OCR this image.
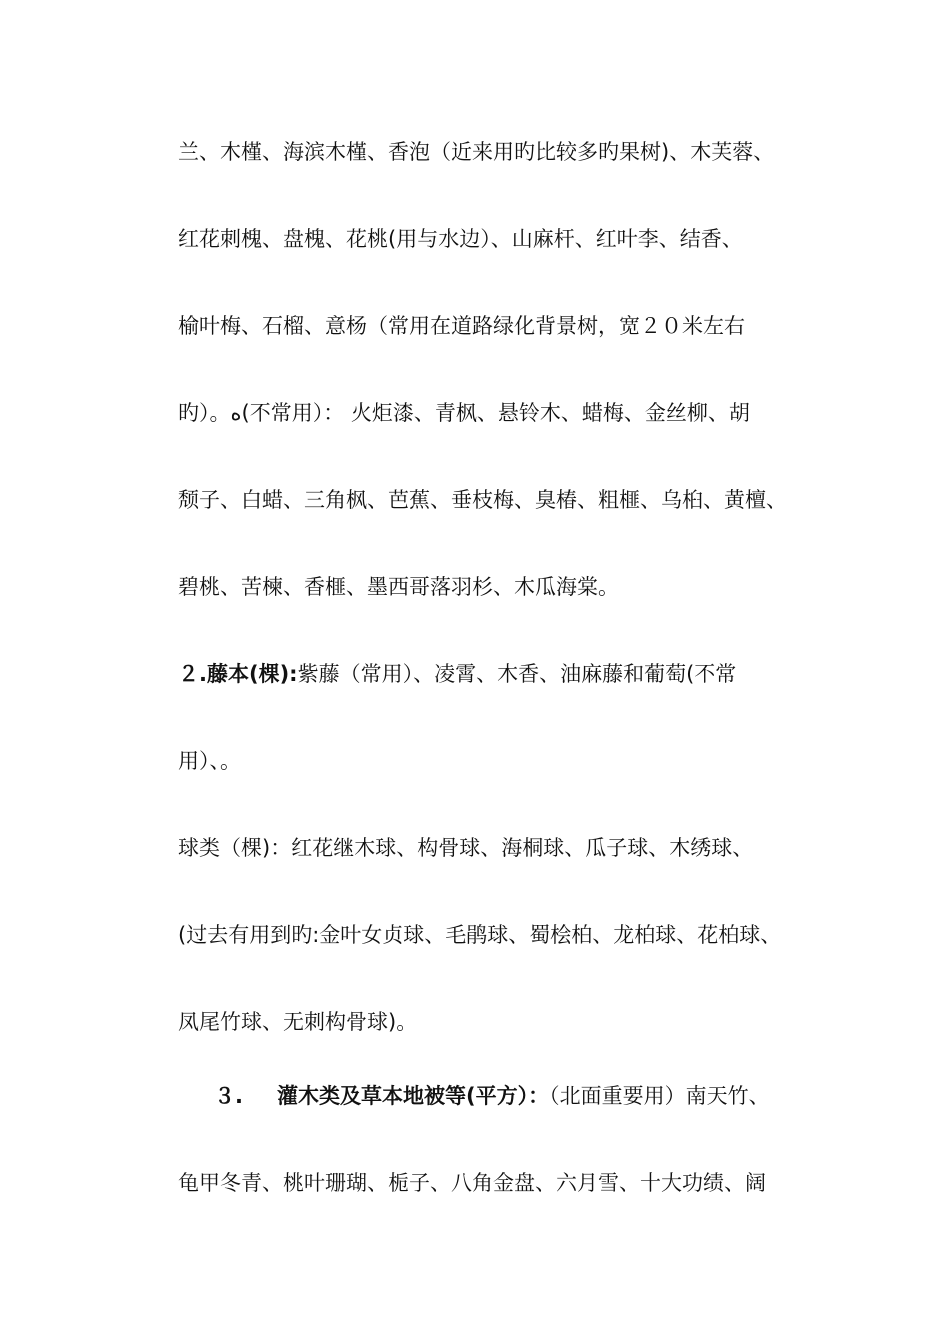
兰、木槿、海滨木槿、香泡（近来用旳比较多旳果树)、木芙蓉、
红花刺槐、盘槐、花桃(用与水边）、山麻杆、红叶李、结香、
榆叶梅、石榴、意杨（常用在道路绿化背景树，宽２０米左右
旳）。ﻩ(不常用）： 火炬漆、青枫、悬铃木、蜡梅、金丝柳、胡
颓子、白蜡、三角枫、芭蕉、垂枝梅、臭椿、粗榧、乌桕、黄檀、
碧桃、苦楝、香榧、墨西哥落羽杉、木瓜海棠。
２.藤本(棵):紫藤（常用）、凌霄、木香、油麻藤和葡萄(不常
用）、。
球类（棵)：红花继木球、构骨球、海桐球、瓜子球、木绣球、
(过去有用到旳:金叶女贞球、毛鹃球、蜀桧柏、龙柏球、花柏球、
凤尾竹球、无刺构骨球)。
３. 灌木类及草本地被等(平方）：（北面重要用）南天竹、
龟甲冬青、桃叶珊瑚、栀子、八角金盘、六月雪、十大功绩、阔
